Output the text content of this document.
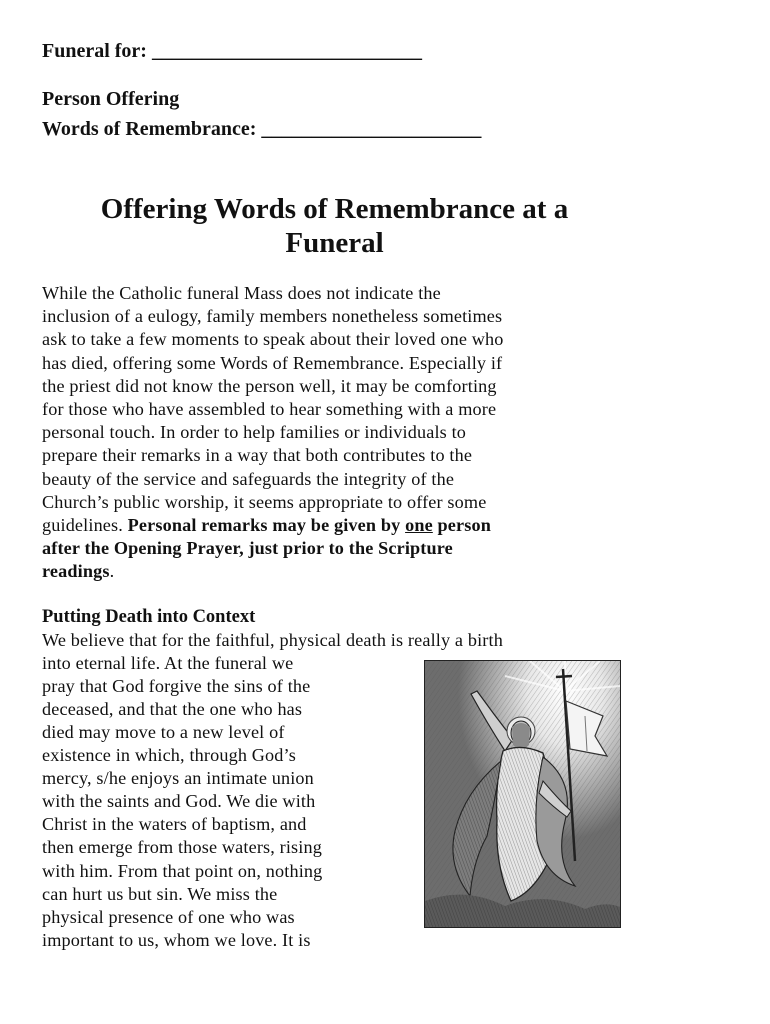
Funeral for: ___________________________
Person Offering
Words of Remembrance: ______________________
Offering Words of Remembrance at a
Funeral
While the Catholic funeral Mass does not indicate the
inclusion of a eulogy, family members nonetheless sometimes
ask to take a few moments to speak about their loved one who
has died, offering some Words of Remembrance. Especially if
the priest did not know the person well, it may be comforting
for those who have assembled to hear something with a more
personal touch. In order to help families or individuals to
prepare their remarks in a way that both contributes to the
beauty of the service and safeguards the integrity of the
Church’s public worship, it seems appropriate to offer some
guidelines. Personal remarks may be given by one person
after the Opening Prayer, just prior to the Scripture
readings.
Putting Death into Context
We believe that for the faithful, physical death is really a birth
into eternal life. At the funeral we
pray that God forgive the sins of the
deceased, and that the one who has
died may move to a new level of
existence in which, through God’s
mercy, s/he enjoys an intimate union
with the saints and God. We die with
Christ in the waters of baptism, and
then emerge from those waters, rising
with him. From that point on, nothing
can hurt us but sin. We miss the
physical presence of one who was
important to us, whom we love. It is
